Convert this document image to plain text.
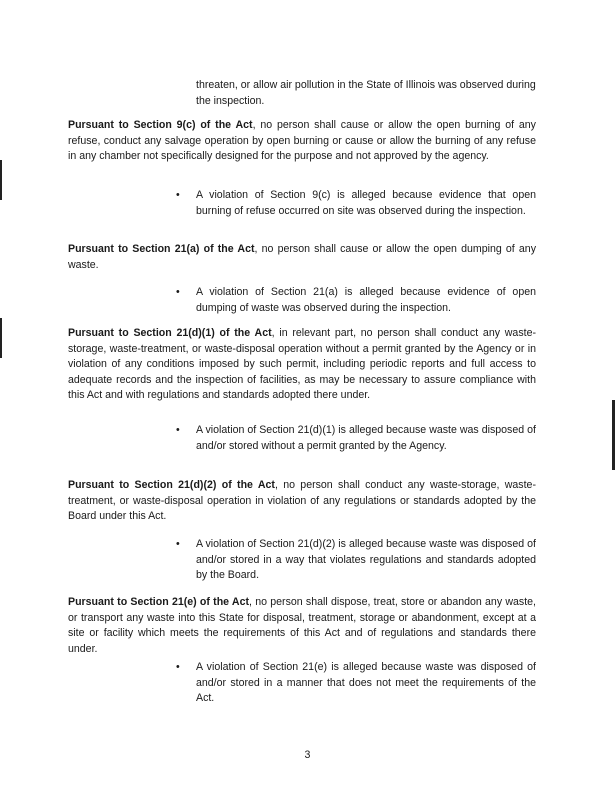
threaten, or allow air pollution in the State of Illinois was observed during the inspection.

Pursuant to Section 9(c) of the Act, no person shall cause or allow the open burning of any refuse, conduct any salvage operation by open burning or cause or allow the burning of any refuse in any chamber not specifically designed for the purpose and not approved by the agency.

• A violation of Section 9(c) is alleged because evidence that open burning of refuse occurred on site was observed during the inspection.

Pursuant to Section 21(a) of the Act, no person shall cause or allow the open dumping of any waste.

• A violation of Section 21(a) is alleged because evidence of open dumping of waste was observed during the inspection.

Pursuant to Section 21(d)(1) of the Act, in relevant part, no person shall conduct any waste-storage, waste-treatment, or waste-disposal operation without a permit granted by the Agency or in violation of any conditions imposed by such permit, including periodic reports and full access to adequate records and the inspection of facilities, as may be necessary to assure compliance with this Act and with regulations and standards adopted there under.

• A violation of Section 21(d)(1) is alleged because waste was disposed of and/or stored without a permit granted by the Agency.

Pursuant to Section 21(d)(2) of the Act, no person shall conduct any waste-storage, waste-treatment, or waste-disposal operation in violation of any regulations or standards adopted by the Board under this Act.

• A violation of Section 21(d)(2) is alleged because waste was disposed of and/or stored in a way that violates regulations and standards adopted by the Board.

Pursuant to Section 21(e) of the Act, no person shall dispose, treat, store or abandon any waste, or transport any waste into this State for disposal, treatment, storage or abandonment, except at a site or facility which meets the requirements of this Act and of regulations and standards there under.

• A violation of Section 21(e) is alleged because waste was disposed of and/or stored in a manner that does not meet the requirements of the Act.
3
